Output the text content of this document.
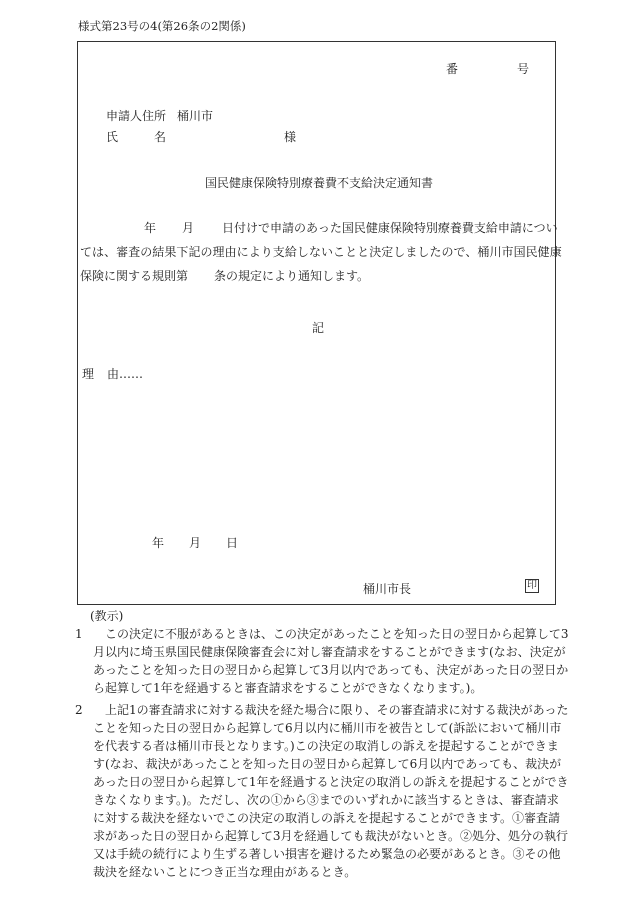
様式第23号の4(第26条の2関係)
番	号
申請人住所 桶川市
氏	名	様
国民健康保険特別療養費不支給決定通知書
年 月 日付けで申請のあった国民健康保険特別療養費支給申請につい
ては、審査の結果下記の理由により支給しないことと決定しましたので、桶川市国民健康
保険に関する規則第 条の規定により通知します。
記
理 由……
年 月 日
桶川市長	印
(教示)
1	この決定に不服があるときは、この決定があったことを知った日の翌日から起算して3
月以内に埼玉県国民健康保険審査会に対し審査請求をすることができます(なお、決定が
あったことを知った日の翌日から起算して3月以内であっても、決定があった日の翌日か
ら起算して1年を経過すると審査請求をすることができなくなります。)。
2	上記1の審査請求に対する裁決を経た場合に限り、その審査請求に対する裁決があった
ことを知った日の翌日から起算して6月以内に桶川市を被告として(訴訟において桶川市
を代表する者は桶川市長となります。)この決定の取消しの訴えを提起することができま
す(なお、裁決があったことを知った日の翌日から起算して6月以内であっても、裁決が
あった日の翌日から起算して1年を経過すると決定の取消しの訴えを提起することができ
きなくなります。)。ただし、次の①から③までのいずれかに該当するときは、審査請求
に対する裁決を経ないでこの決定の取消しの訴えを提起することができます。①審査請
求があった日の翌日から起算して3月を経過しても裁決がないとき。②処分、処分の執行
又は手続の続行により生ずる著しい損害を避けるため緊急の必要があるとき。③その他
裁決を経ないことにつき正当な理由があるとき。
